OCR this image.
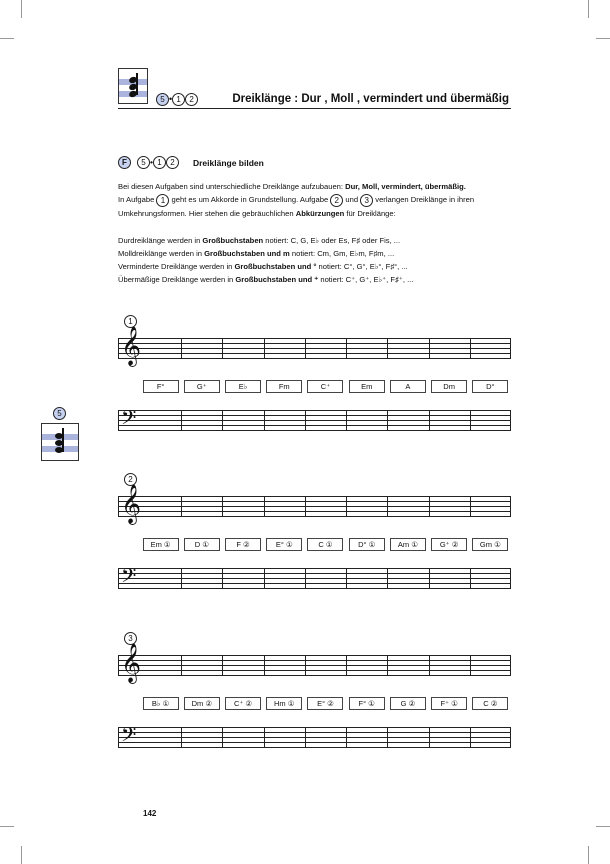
5 • 1 2	Dreiklänge : Dur , Moll , vermindert und übermäßig
F	5 • 1 2	Dreiklänge bilden
Bei diesen Aufgaben sind unterschiedliche Dreiklänge aufzubauen: Dur, Moll, vermindert, übermäßig.
In Aufgabe 1 geht es um Akkorde in Grundstellung. Aufgabe 2 und 3 verlangen Dreiklänge in ihren
Umkehrungsformen. Hier stehen die gebräuchlichen Abkürzungen für Dreiklänge:
Durdreiklänge werden in Großbuchstaben notiert: C, G, E♭ oder Es, F♯ oder Fis, ...
Molldreiklänge werden in Großbuchstaben und m notiert: Cm, Gm, E♭m, F♯m, ...
Verminderte Dreiklänge werden in Großbuchstaben und ° notiert: C°, G°, E♭°, F♯°, ...
Übermäßige Dreiklänge werden in Großbuchstaben und ⁺ notiert: C⁺, G⁺, E♭⁺, F♯⁺, ...
5
1
𝄞
F°	G⁺	E♭	Fm	C⁺	Em	A	Dm	D°
𝄢
2
𝄞
Em ①	D ①	F ②	E° ①	C ①	D° ①	Am ①	G⁺ ②	Gm ①
𝄢
3
𝄞
B♭ ①	Dm ②	C⁺ ②	Hm ①	E° ②	F° ①	G ②	F⁺ ①	C ②
𝄢
142
